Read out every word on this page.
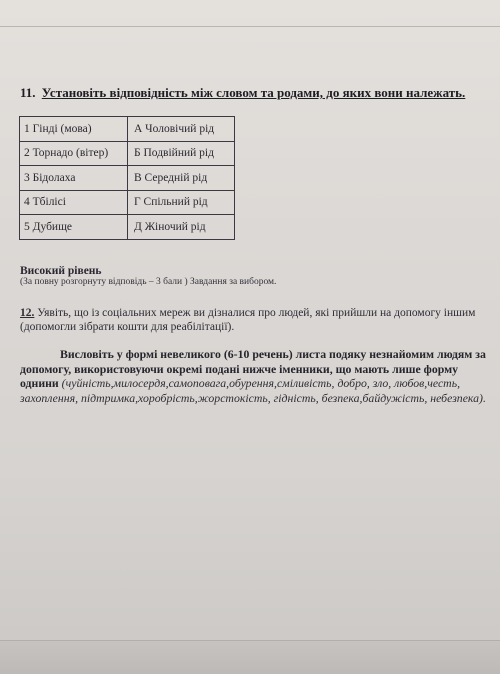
11. Установіть відповідність між словом та родами, до яких вони належать.
1 Гінді (мова)	А Чоловічий рід
2 Торнадо (вітер)	Б Подвійний рід
3 Бідолаха	В Середній рід
4 Тбілісі	Г Спільний рід
5 Дубище	Д Жіночий рід
Високий рівень
(За повну розгорнуту відповідь – 3 бали ) Завдання за вибором.
12. Уявіть, що із соціальних мереж ви дізналися про людей, які прийшли на допомогу іншим (допомогли зібрати кошти для реабілітації).
Висловіть у формі невеликого (6-10 речень) листа подяку незнайомим людям за допомогу, використовуючи окремі подані нижче іменники, що мають лише форму однини (чуйність,милосердя,самоповага,обурення,сміливість, добро, зло, любов,честь, захоплення, підтримка,хоробрість,жорстокість, гідність, безпека,байдужість, небезпека).
